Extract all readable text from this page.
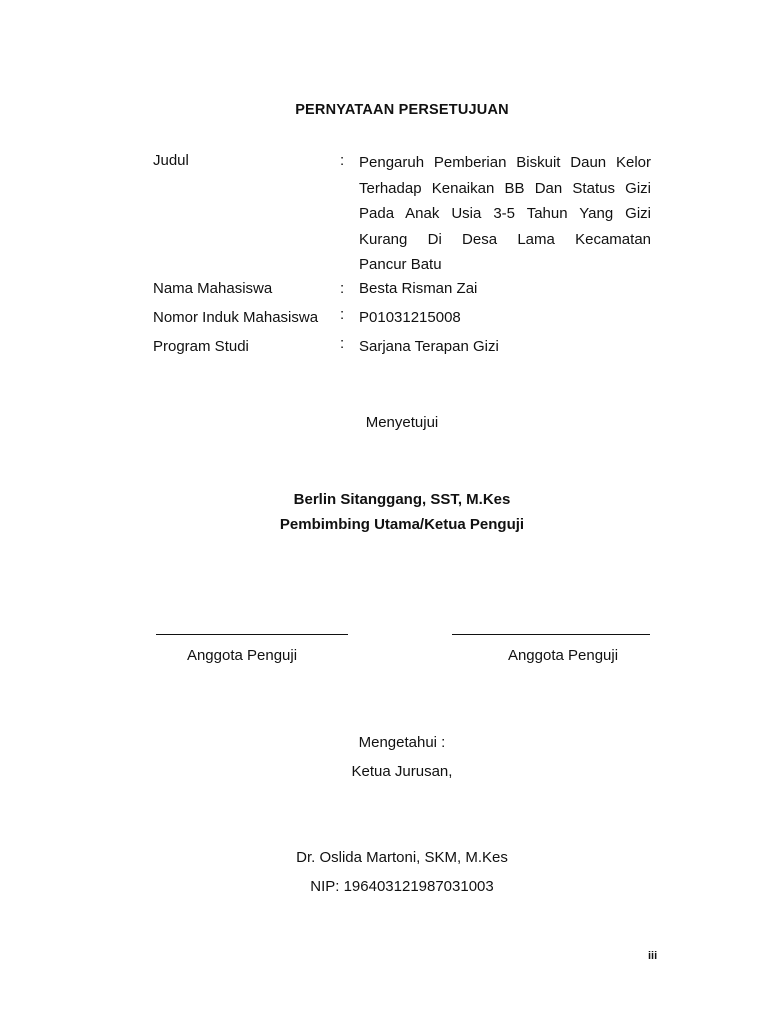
PERNYATAAN PERSETUJUAN
Judul	: Pengaruh Pemberian Biskuit Daun Kelor
Terhadap Kenaikan BB Dan Status Gizi
Pada Anak Usia 3-5 Tahun Yang Gizi
Kurang Di Desa Lama Kecamatan
Pancur Batu
Nama Mahasiswa	: Besta Risman Zai
Nomor Induk Mahasiswa : P01031215008
Program Studi	: Sarjana Terapan Gizi
Menyetujui
Berlin Sitanggang, SST, M.Kes
Pembimbing Utama/Ketua Penguji
Anggota Penguji	Anggota Penguji
Mengetahui :
Ketua Jurusan,
Dr. Oslida Martoni, SKM, M.Kes
NIP: 196403121987031003
iii
